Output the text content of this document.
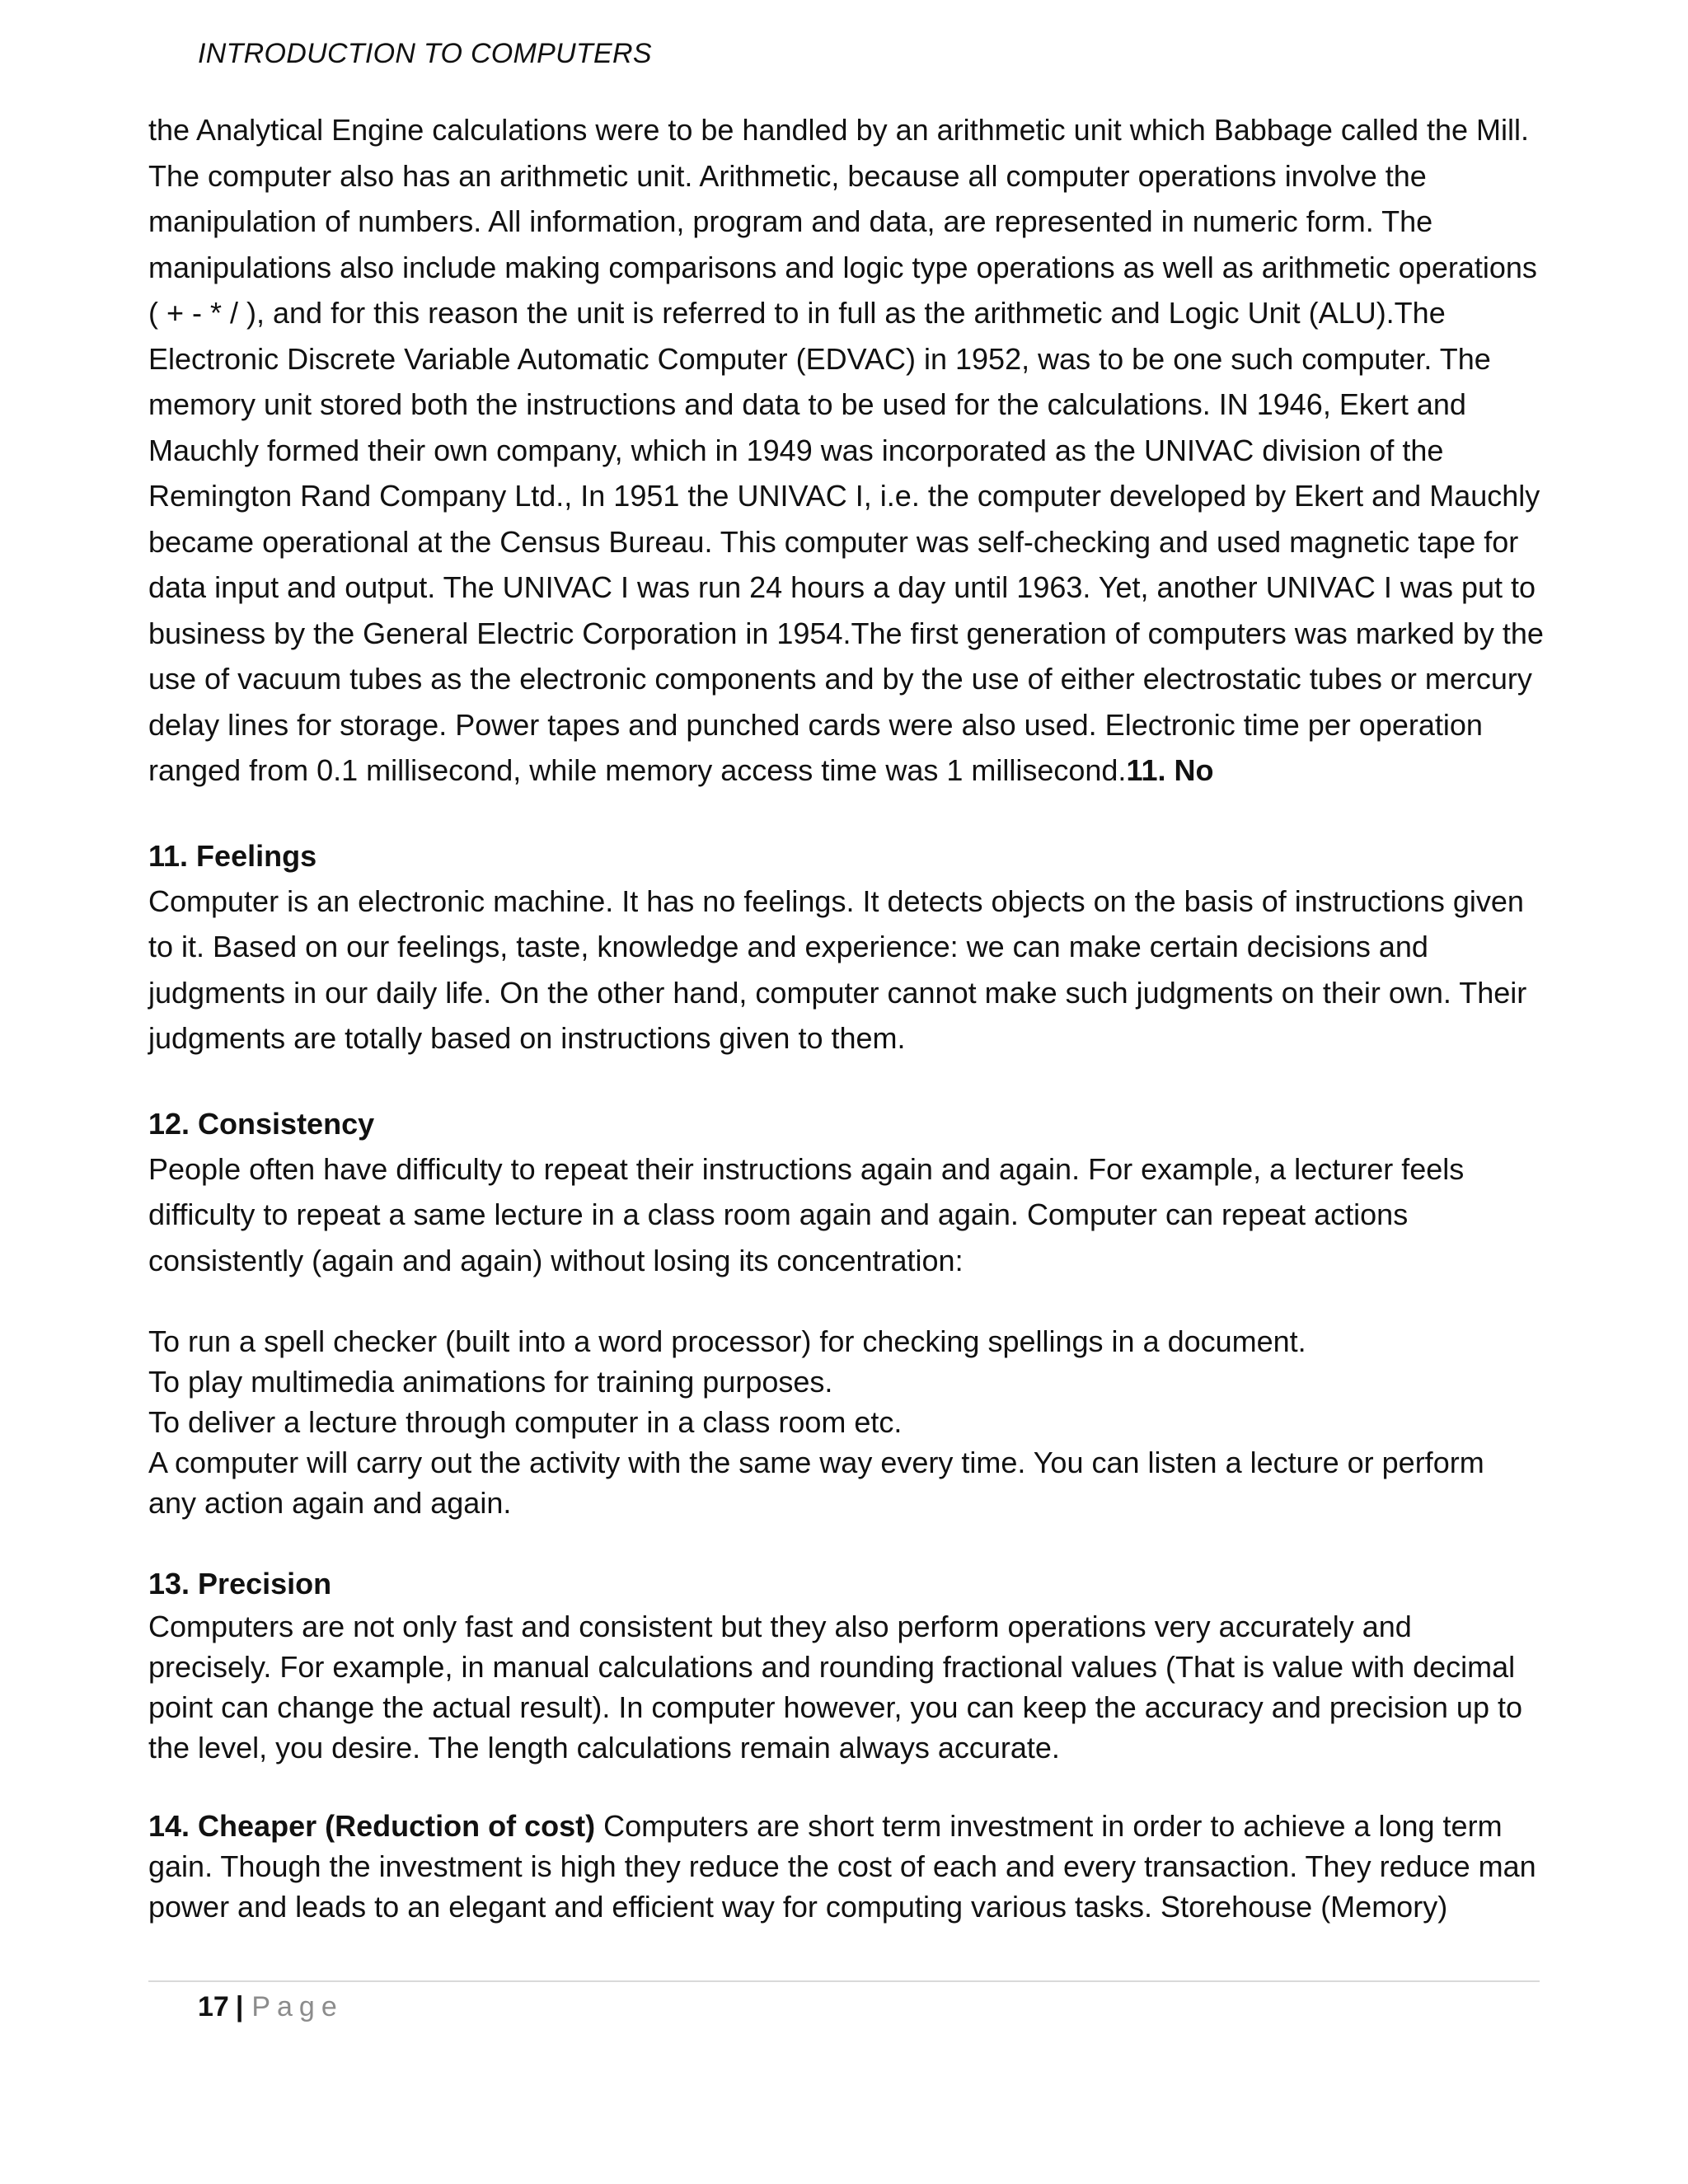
INTRODUCTION TO COMPUTERS

the Analytical Engine calculations were to be handled by an arithmetic unit which Babbage called the Mill.

The computer also has an arithmetic unit. Arithmetic, because all computer operations involve the

manipulation of numbers. All information, program and data, are represented in numeric form. The

manipulations also include making comparisons and logic type operations as well as arithmetic operations

( + - * / ), and for this reason the unit is referred to in full as the arithmetic and Logic Unit (ALU).The

Electronic Discrete Variable Automatic Computer (EDVAC) in 1952, was to be one such computer. The

memory unit stored both the instructions and data to be used for the calculations. IN 1946, Ekert and

Mauchly formed their own company, which in 1949 was incorporated as the UNIVAC division of the

Remington Rand Company Ltd., In 1951 the UNIVAC I, i.e. the computer developed by Ekert and Mauchly

became operational at the Census Bureau. This computer was self-checking and used magnetic tape for

data input and output. The UNIVAC I was run 24 hours a day until 1963. Yet, another UNIVAC I was put to

business by the General Electric Corporation in 1954.The first generation of computers was marked by the

use of vacuum tubes as the electronic components and by the use of either electrostatic tubes or mercury

delay lines for storage. Power tapes and punched cards were also used. Electronic time per operation

ranged from 0.1 millisecond, while memory access time was 1 millisecond.11. No

11. Feelings

Computer is an electronic machine. It has no feelings. It detects objects on the basis of instructions given

to it. Based on our feelings, taste, knowledge and experience: we can make certain decisions and

judgments in our daily life. On the other hand, computer cannot make such judgments on their own. Their

judgments are totally based on instructions given to them.

12. Consistency

People often have difficulty to repeat their instructions again and again. For example, a lecturer feels

difficulty to repeat a same lecture in a class room again and again. Computer can repeat actions

consistently (again and again) without losing its concentration:

To run a spell checker (built into a word processor) for checking spellings in a document.

To play multimedia animations for training purposes.

To deliver a lecture through computer in a class room etc.

A computer will carry out the activity with the same way every time. You can listen a lecture or perform

any action again and again.

13. Precision

Computers are not only fast and consistent but they also perform operations very accurately and

precisely. For example, in manual calculations and rounding fractional values (That is value with decimal

point can change the actual result). In computer however, you can keep the accuracy and precision up to

the level, you desire. The length calculations remain always accurate.

14. Cheaper (Reduction of cost) Computers are short term investment in order to achieve a long term

gain. Though the investment is high they reduce the cost of each and every transaction. They reduce man

power and leads to an elegant and efficient way for computing various tasks. Storehouse (Memory)

17 | Page
